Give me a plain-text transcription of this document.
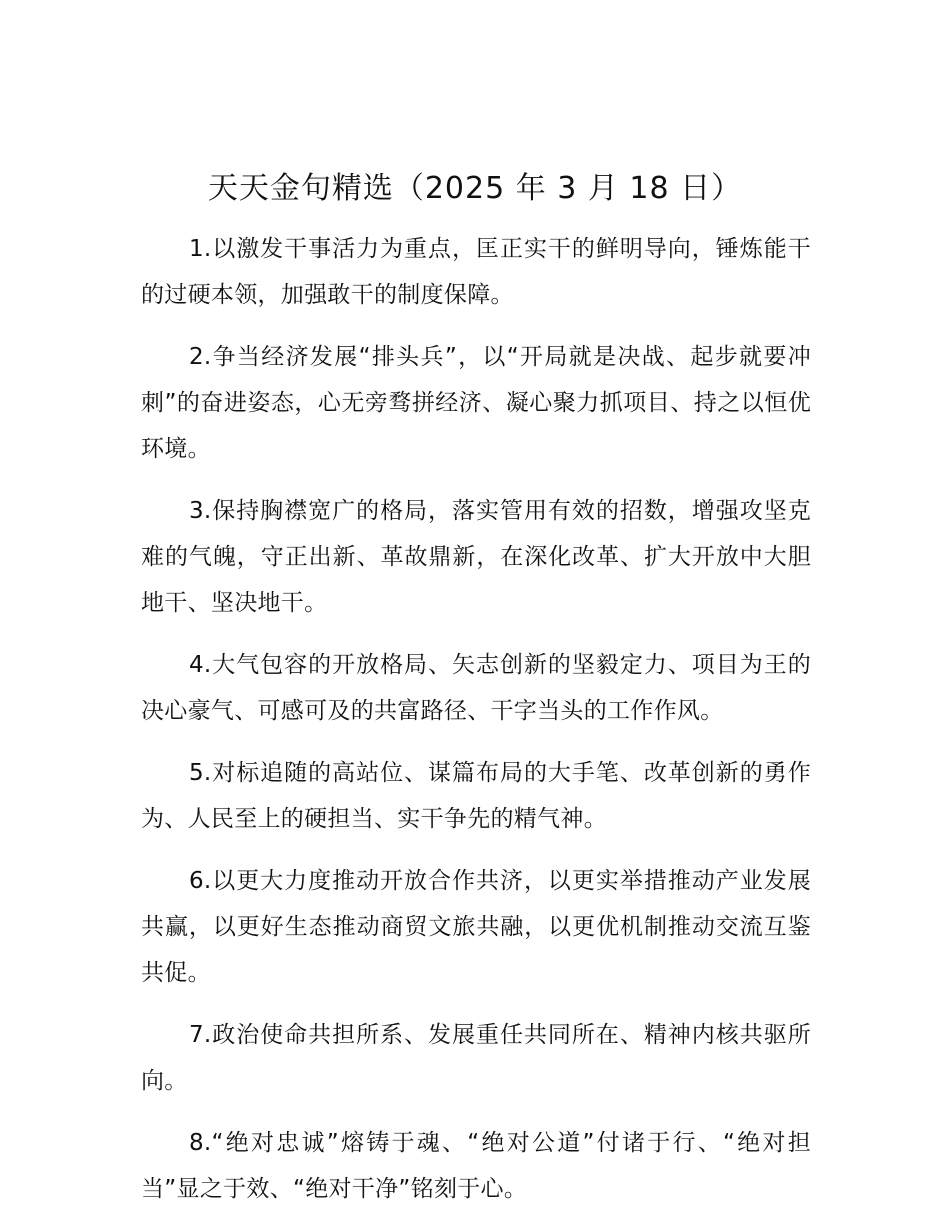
天天金句精选（2025 年 3 月 18 日）

1.以激发干事活力为重点，匡正实干的鲜明导向，锤炼能干的过硬本领，加强敢干的制度保障。

2.争当经济发展“排头兵”，以“开局就是决战、起步就要冲刺”的奋进姿态，心无旁骛拼经济、凝心聚力抓项目、持之以恒优环境。

3.保持胸襟宽广的格局，落实管用有效的招数，增强攻坚克难的气魄，守正出新、革故鼎新，在深化改革、扩大开放中大胆地干、坚决地干。

4.大气包容的开放格局、矢志创新的坚毅定力、项目为王的决心豪气、可感可及的共富路径、干字当头的工作作风。

5.对标追随的高站位、谋篇布局的大手笔、改革创新的勇作为、人民至上的硬担当、实干争先的精气神。

6.以更大力度推动开放合作共济，以更实举措推动产业发展共赢，以更好生态推动商贸文旅共融，以更优机制推动交流互鉴共促。

7.政治使命共担所系、发展重任共同所在、精神内核共驱所向。

8.“绝对忠诚”熔铸于魂、“绝对公道”付诸于行、“绝对担当”显之于效、“绝对干净”铭刻于心。
